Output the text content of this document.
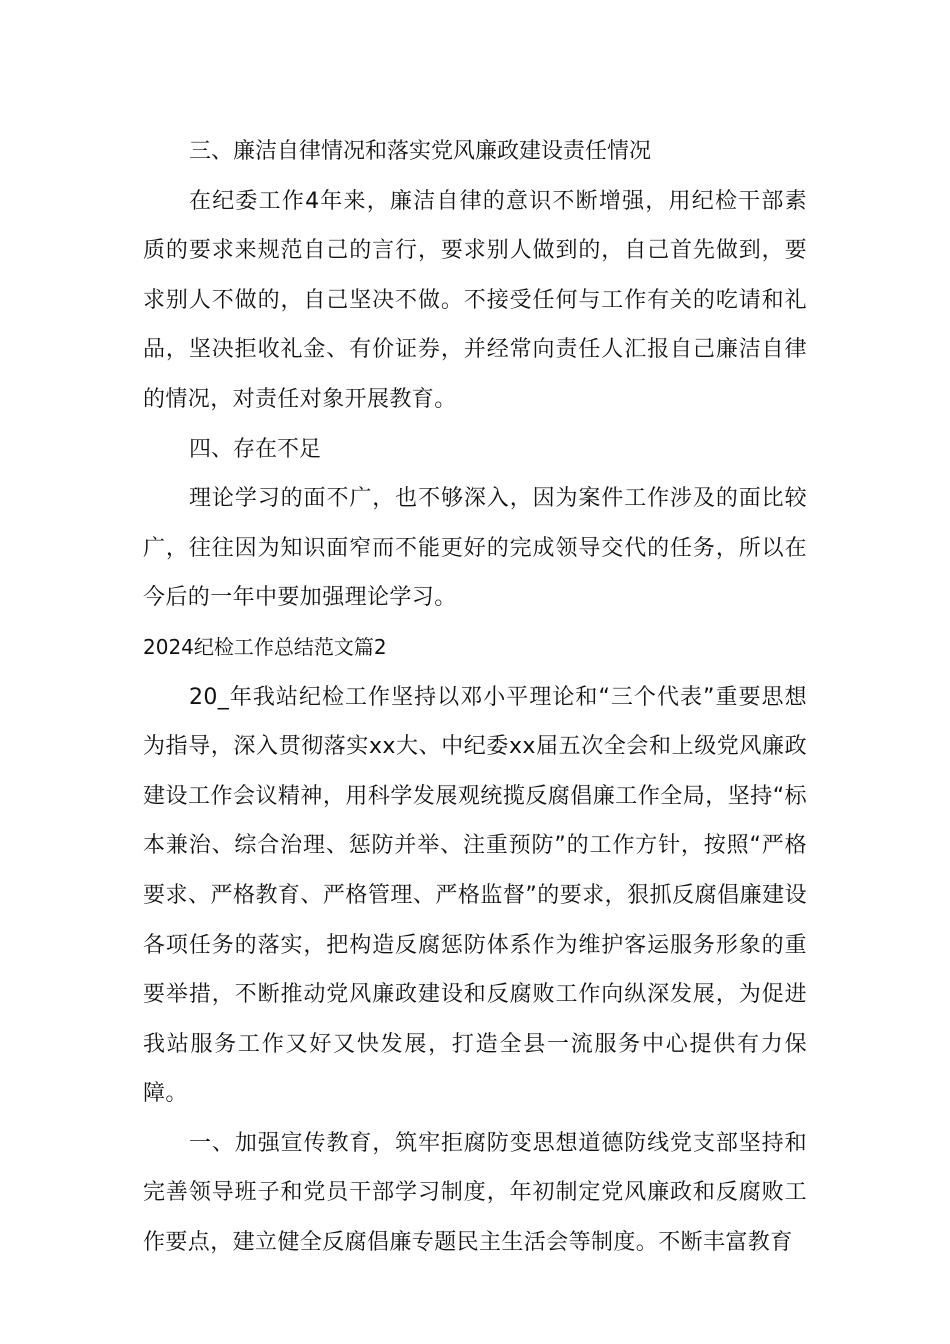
三、廉洁自律情况和落实党风廉政建设责任情况

在纪委工作4年来，廉洁自律的意识不断增强，用纪检干部素质的要求来规范自己的言行，要求别人做到的，自己首先做到，要求别人不做的，自己坚决不做。不接受任何与工作有关的吃请和礼品，坚决拒收礼金、有价证券，并经常向责任人汇报自己廉洁自律的情况，对责任对象开展教育。

四、存在不足

理论学习的面不广，也不够深入，因为案件工作涉及的面比较广，往往因为知识面窄而不能更好的完成领导交代的任务，所以在今后的一年中要加强理论学习。

2024纪检工作总结范文篇2

20_年我站纪检工作坚持以邓小平理论和“三个代表”重要思想为指导，深入贯彻落实xx大、中纪委xx届五次全会和上级党风廉政建设工作会议精神，用科学发展观统揽反腐倡廉工作全局，坚持“标本兼治、综合治理、惩防并举、注重预防”的工作方针，按照“严格要求、严格教育、严格管理、严格监督”的要求，狠抓反腐倡廉建设各项任务的落实，把构造反腐惩防体系作为维护客运服务形象的重要举措，不断推动党风廉政建设和反腐败工作向纵深发展，为促进我站服务工作又好又快发展，打造全县一流服务中心提供有力保障。

一、加强宣传教育，筑牢拒腐防变思想道德防线党支部坚持和完善领导班子和党员干部学习制度，年初制定党风廉政和反腐败工作要点，建立健全反腐倡廉专题民主生活会等制度。不断丰富教育
